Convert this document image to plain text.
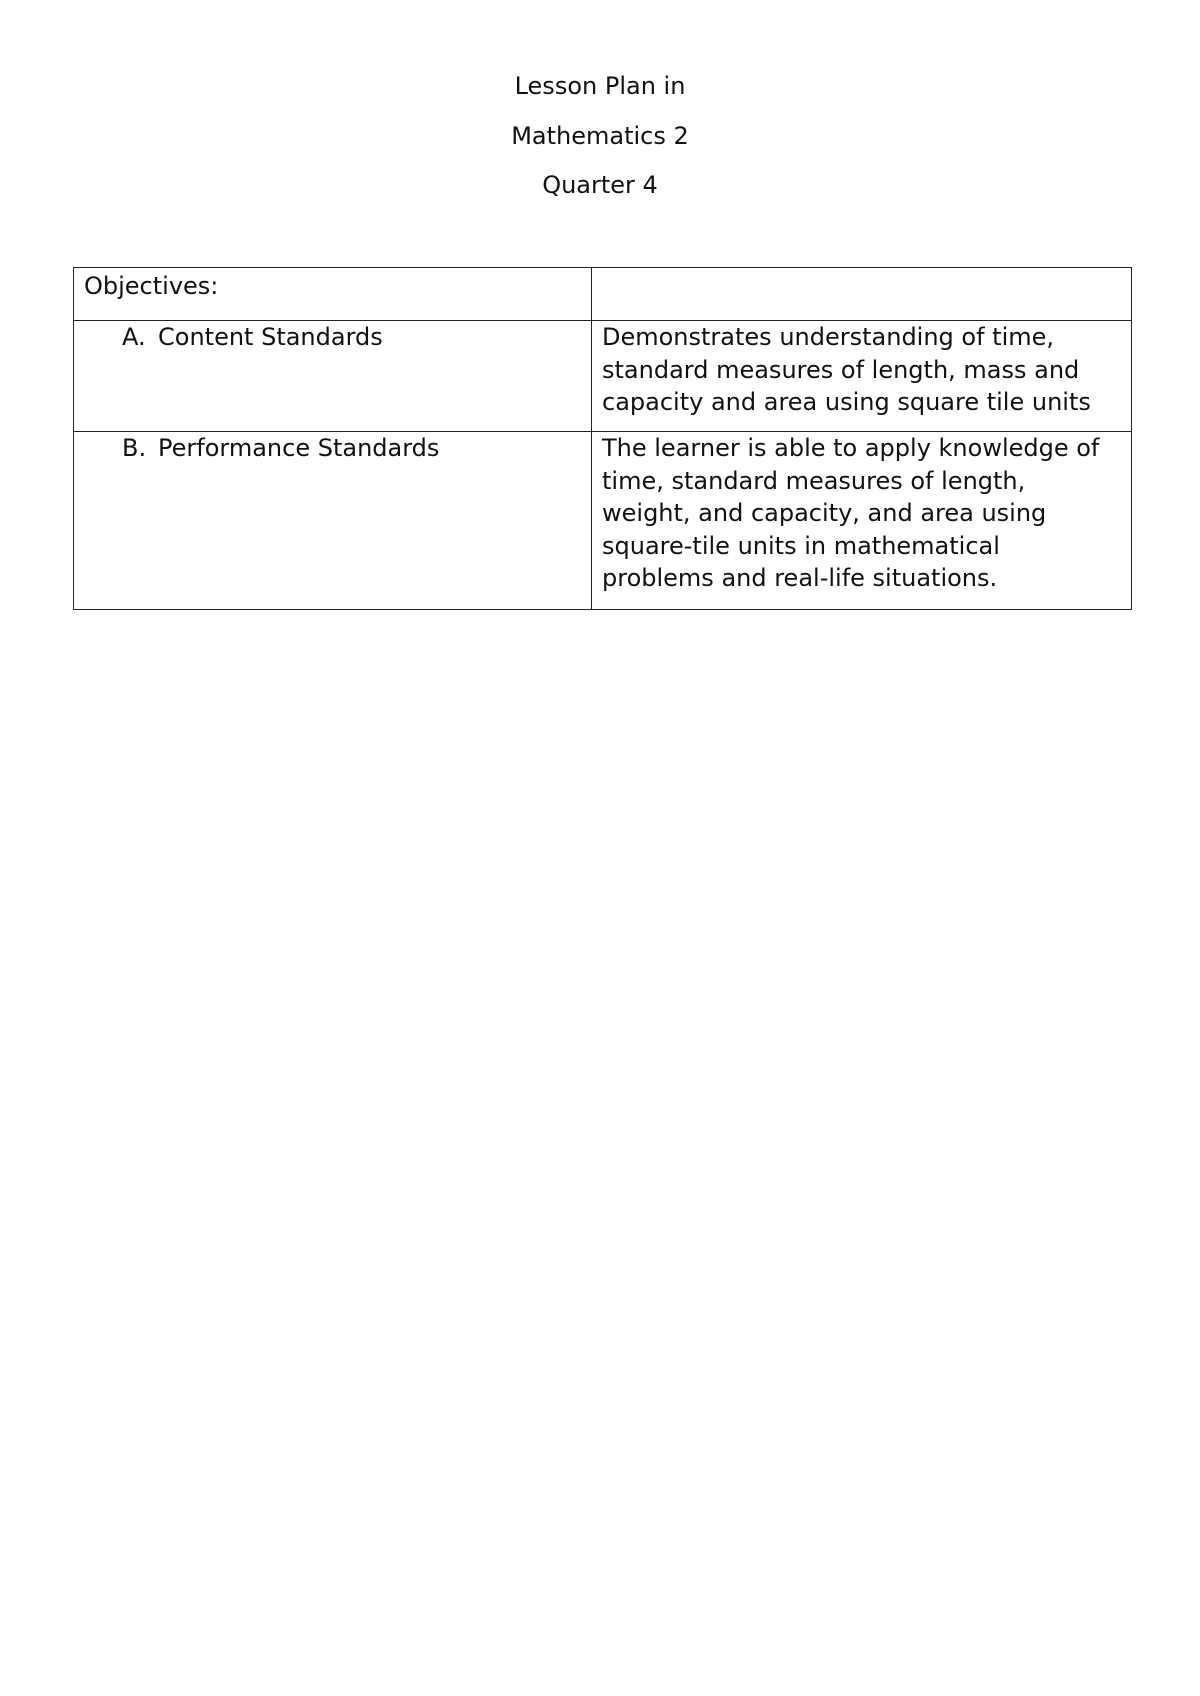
Lesson Plan in
Mathematics 2
Quarter 4
Objectives:	
A. Content Standards	Demonstrates understanding of time, standard measures of length, mass and capacity and area using square tile units

B. Performance Standards	The learner is able to apply knowledge of time, standard measures of length, weight, and capacity, and area using square-tile units in mathematical problems and real-life situations.
